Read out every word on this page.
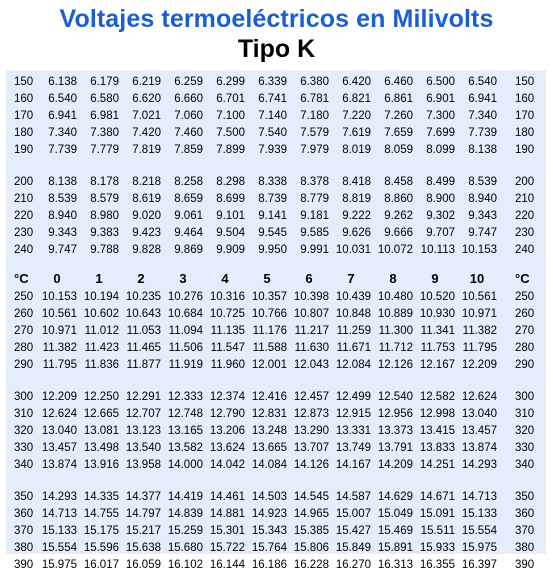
Voltajes termoeléctricos en Milivolts
Tipo K
150	6.138	6.179	6.219	6.259	6.299	6.339	6.380	6.420	6.460	6.500	6.540 150
160	6.540	6.580	6.620	6.660	6.701	6.741	6.781	6.821	6.861	6.901	6.941 160
170	6.941	6.981	7.021	7.060	7.100	7.140	7.180	7.220	7.260	7.300	7.340 170
180	7.340	7.380	7.420	7.460	7.500	7.540	7.579	7.619	7.659	7.699	7.739 180
190	7.739	7.779	7.819	7.859	7.899	7.939	7.979	8.019	8.059	8.099	8.138 190
200	8.138	8.178	8.218	8.258	8.298	8.338	8.378	8.418	8.458	8.499	8.539 200
210	8.539	8.579	8.619	8.659	8.699	8.739	8.779	8.819	8.860	8.900	8.940 210
220	8.940	8.980	9.020	9.061	9.101	9.141	9.181	9.222	9.262	9.302	9.343 220
230	9.343	9.383	9.423	9.464	9.504	9.545	9.585	9.626	9.666	9.707	9.747 230
240	9.747	9.788	9.828	9.869	9.909	9.950	9.991 10.031 10.072 10.113 10.153 240
°C	0	1	2	3	4	5	6	7	8	9	10	°C
250 10.153 10.194 10.235 10.276 10.316 10.357 10.398 10.439 10.480 10.520 10.561 250
260 10.561 10.602 10.643 10.684 10.725 10.766 10.807 10.848 10.889 10.930 10.971 260
270 10.971 11.012 11.053 11.094 11.135 11.176 11.217 11.259 11.300 11.341 11.382 270
280 11.382 11.423 11.465 11.506 11.547 11.588 11.630 11.671 11.712 11.753 11.795 280
290 11.795 11.836 11.877 11.919 11.960 12.001 12.043 12.084 12.126 12.167 12.209 290
300 12.209 12.250 12.291 12.333 12.374 12.416 12.457 12.499 12.540 12.582 12.624 300
310 12.624 12.665 12.707 12.748 12.790 12.831 12.873 12.915 12.956 12.998 13.040 310
320 13.040 13.081 13.123 13.165 13.206 13.248 13.290 13.331 13.373 13.415 13.457 320
330 13.457 13.498 13.540 13.582 13.624 13.665 13.707 13.749 13.791 13.833 13.874 330
340 13.874 13.916 13.958 14.000 14.042 14.084 14.126 14.167 14.209 14.251 14.293 340
350 14.293 14.335 14.377 14.419 14.461 14.503 14.545 14.587 14.629 14.671 14.713 350
360 14.713 14.755 14.797 14.839 14.881 14.923 14.965 15.007 15.049 15.091 15.133 360
370 15.133 15.175 15.217 15.259 15.301 15.343 15.385 15.427 15.469 15.511 15.554 370
380 15.554 15.596 15.638 15.680 15.722 15.764 15.806 15.849 15.891 15.933 15.975 380
390 15.975 16.017 16.059 16.102 16.144 16.186 16.228 16.270 16.313 16.355 16.397 390
